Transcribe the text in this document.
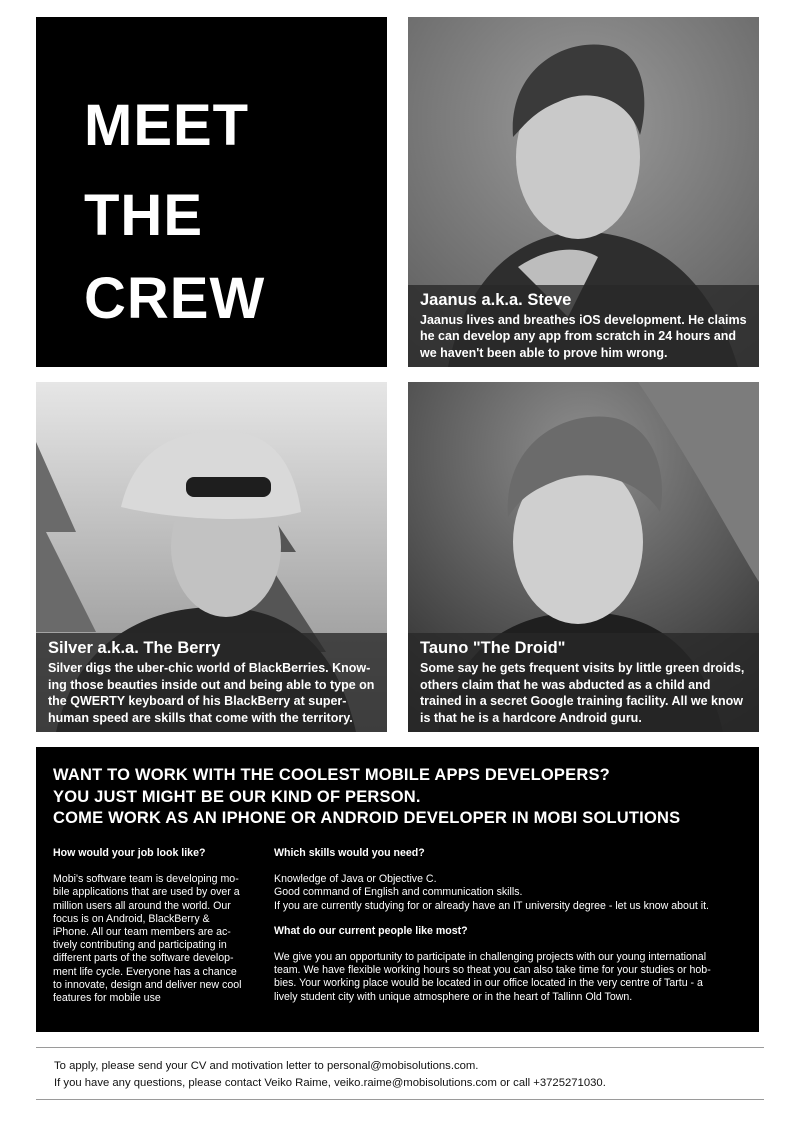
MEET
THE
CREW	Jaanus a.k.a. Steve
Jaanus lives and breathes iOS development. He claims he can develop any app from scratch in 24 hours and we haven't been able to prove him wrong.
Silver a.k.a. The Berry
Silver digs the uber-chic world of BlackBerries. Know-ing those beauties inside out and being able to type on the QWERTY keyboard of his BlackBerry at super-human speed are skills that come with the territory.
Tauno "The Droid"
Some say he gets frequent visits by little green droids, others claim that he was abducted as a child and trained in a secret Google training facility. All we know is that he is a hardcore Android guru.
WANT TO WORK WITH THE COOLEST MOBILE APPS DEVELOPERS?
YOU JUST MIGHT BE OUR KIND OF PERSON.
COME WORK AS AN IPHONE OR ANDROID DEVELOPER IN MOBI SOLUTIONS
How would your job look like?
Mobi's software team is developing mo-
bile applications that are used by over a
million users all around the world. Our
focus is on Android, BlackBerry &
iPhone. All our team members are ac-
tively contributing and participating in
different parts of the software develop-
ment life cycle. Everyone has a chance
to innovate, design and deliver new cool
features for mobile use
Which skills would you need?
Knowledge of Java or Objective C.
Good command of English and communication skills.
If you are currently studying for or already have an IT university degree - let us know about it.
What do our current people like most?
We give you an opportunity to participate in challenging projects with our young international
team. We have flexible working hours so theat you can also take time for your studies or hob-
bies. Your working place would be located in our office located in the very centre of Tartu - a
lively student city with unique atmosphere or in the heart of Tallinn Old Town.
To apply, please send your CV and motivation letter to personal@mobisolutions.com.
If you have any questions, please contact Veiko Raime, veiko.raime@mobisolutions.com or call +3725271030.
